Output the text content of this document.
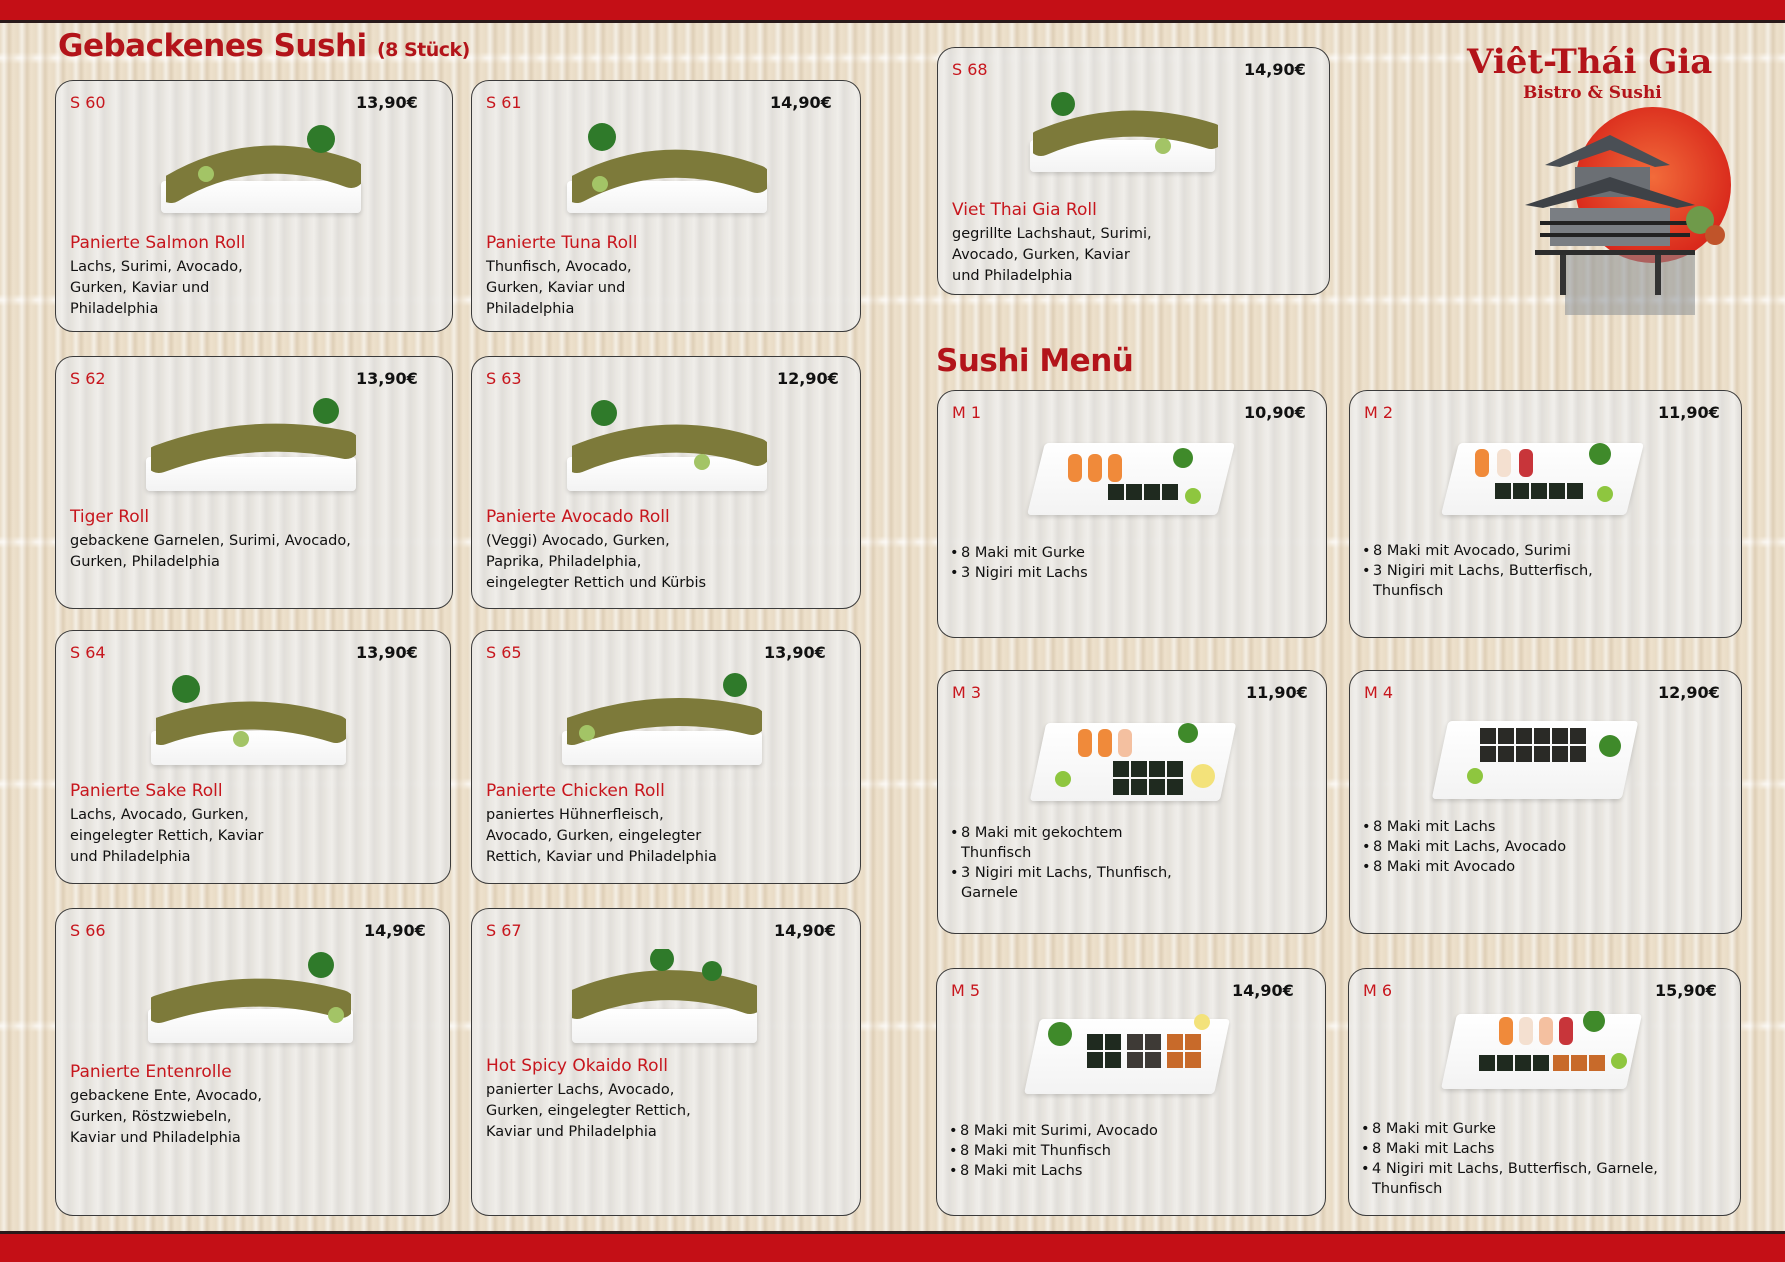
Gebackenes Sushi (8 Stück)
Sushi Menü
Viêt-Thái Gia
Bistro & Sushi
S 60	13,90€
Panierte Salmon Roll
Lachs, Surimi, Avocado,
Gurken, Kaviar und
Philadelphia
S 61	14,90€
Panierte Tuna Roll
Thunfisch, Avocado,
Gurken, Kaviar und
Philadelphia
S 62	13,90€
Tiger Roll
gebackene Garnelen, Surimi, Avocado,
Gurken, Philadelphia
S 63	12,90€
Panierte Avocado Roll
(Veggi) Avocado, Gurken,
Paprika, Philadelphia,
eingelegter Rettich und Kürbis
S 64	13,90€
Panierte Sake Roll
Lachs, Avocado, Gurken,
eingelegter Rettich, Kaviar
und Philadelphia
S 65	13,90€
Panierte Chicken Roll
paniertes Hühnerfleisch,
Avocado, Gurken, eingelegter
Rettich, Kaviar und Philadelphia
S 66	14,90€
Panierte Entenrolle
gebackene Ente, Avocado,
Gurken, Röstzwiebeln,
Kaviar und Philadelphia
S 67	14,90€
Hot Spicy Okaido Roll
panierter Lachs, Avocado,
Gurken, eingelegter Rettich,
Kaviar und Philadelphia
S 68	14,90€
Viet Thai Gia Roll
gegrillte Lachshaut, Surimi,
Avocado, Gurken, Kaviar
und Philadelphia
M 1	10,90€
• 8 Maki mit Gurke
• 3 Nigiri mit Lachs
M 2	11,90€
• 8 Maki mit Avocado, Surimi
• 3 Nigiri mit Lachs, Butterfisch,
Thunfisch
M 3	11,90€
• 8 Maki mit gekochtem
Thunfisch
• 3 Nigiri mit Lachs, Thunfisch,
Garnele
M 4	12,90€
• 8 Maki mit Lachs
• 8 Maki mit Lachs, Avocado
• 8 Maki mit Avocado
M 5	14,90€
• 8 Maki mit Surimi, Avocado
• 8 Maki mit Thunfisch
• 8 Maki mit Lachs
M 6	15,90€
• 8 Maki mit Gurke
• 8 Maki mit Lachs
• 4 Nigiri mit Lachs, Butterfisch, Garnele,
Thunfisch
